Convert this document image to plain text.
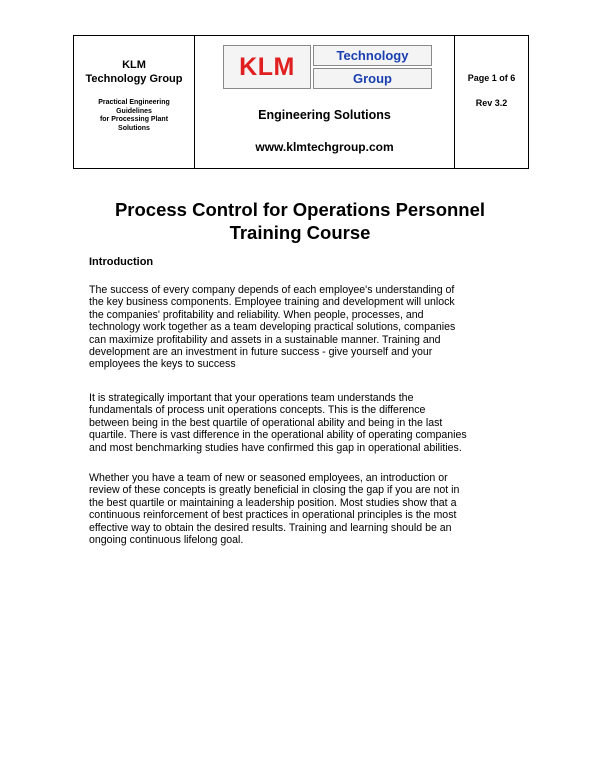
KLM
Technology Group
Practical Engineering
Guidelines
for Processing Plant
Solutions
KLM	Technology
Group
Engineering Solutions
www.klmtechgroup.com
Page 1 of 6
Rev 3.2
Process Control for Operations Personnel
Training Course
Introduction
The success of every company depends of each employee's understanding of
the key business components. Employee training and development will unlock
the companies' profitability and reliability. When people, processes, and
technology work together as a team developing practical solutions, companies
can maximize profitability and assets in a sustainable manner. Training and
development are an investment in future success - give yourself and your
employees the keys to success
It is strategically important that your operations team understands the
fundamentals of process unit operations concepts. This is the difference
between being in the best quartile of operational ability and being in the last
quartile. There is vast difference in the operational ability of operating companies
and most benchmarking studies have confirmed this gap in operational abilities.
Whether you have a team of new or seasoned employees, an introduction or
review of these concepts is greatly beneficial in closing the gap if you are not in
the best quartile or maintaining a leadership position. Most studies show that a
continuous reinforcement of best practices in operational principles is the most
effective way to obtain the desired results. Training and learning should be an
ongoing continuous lifelong goal.
